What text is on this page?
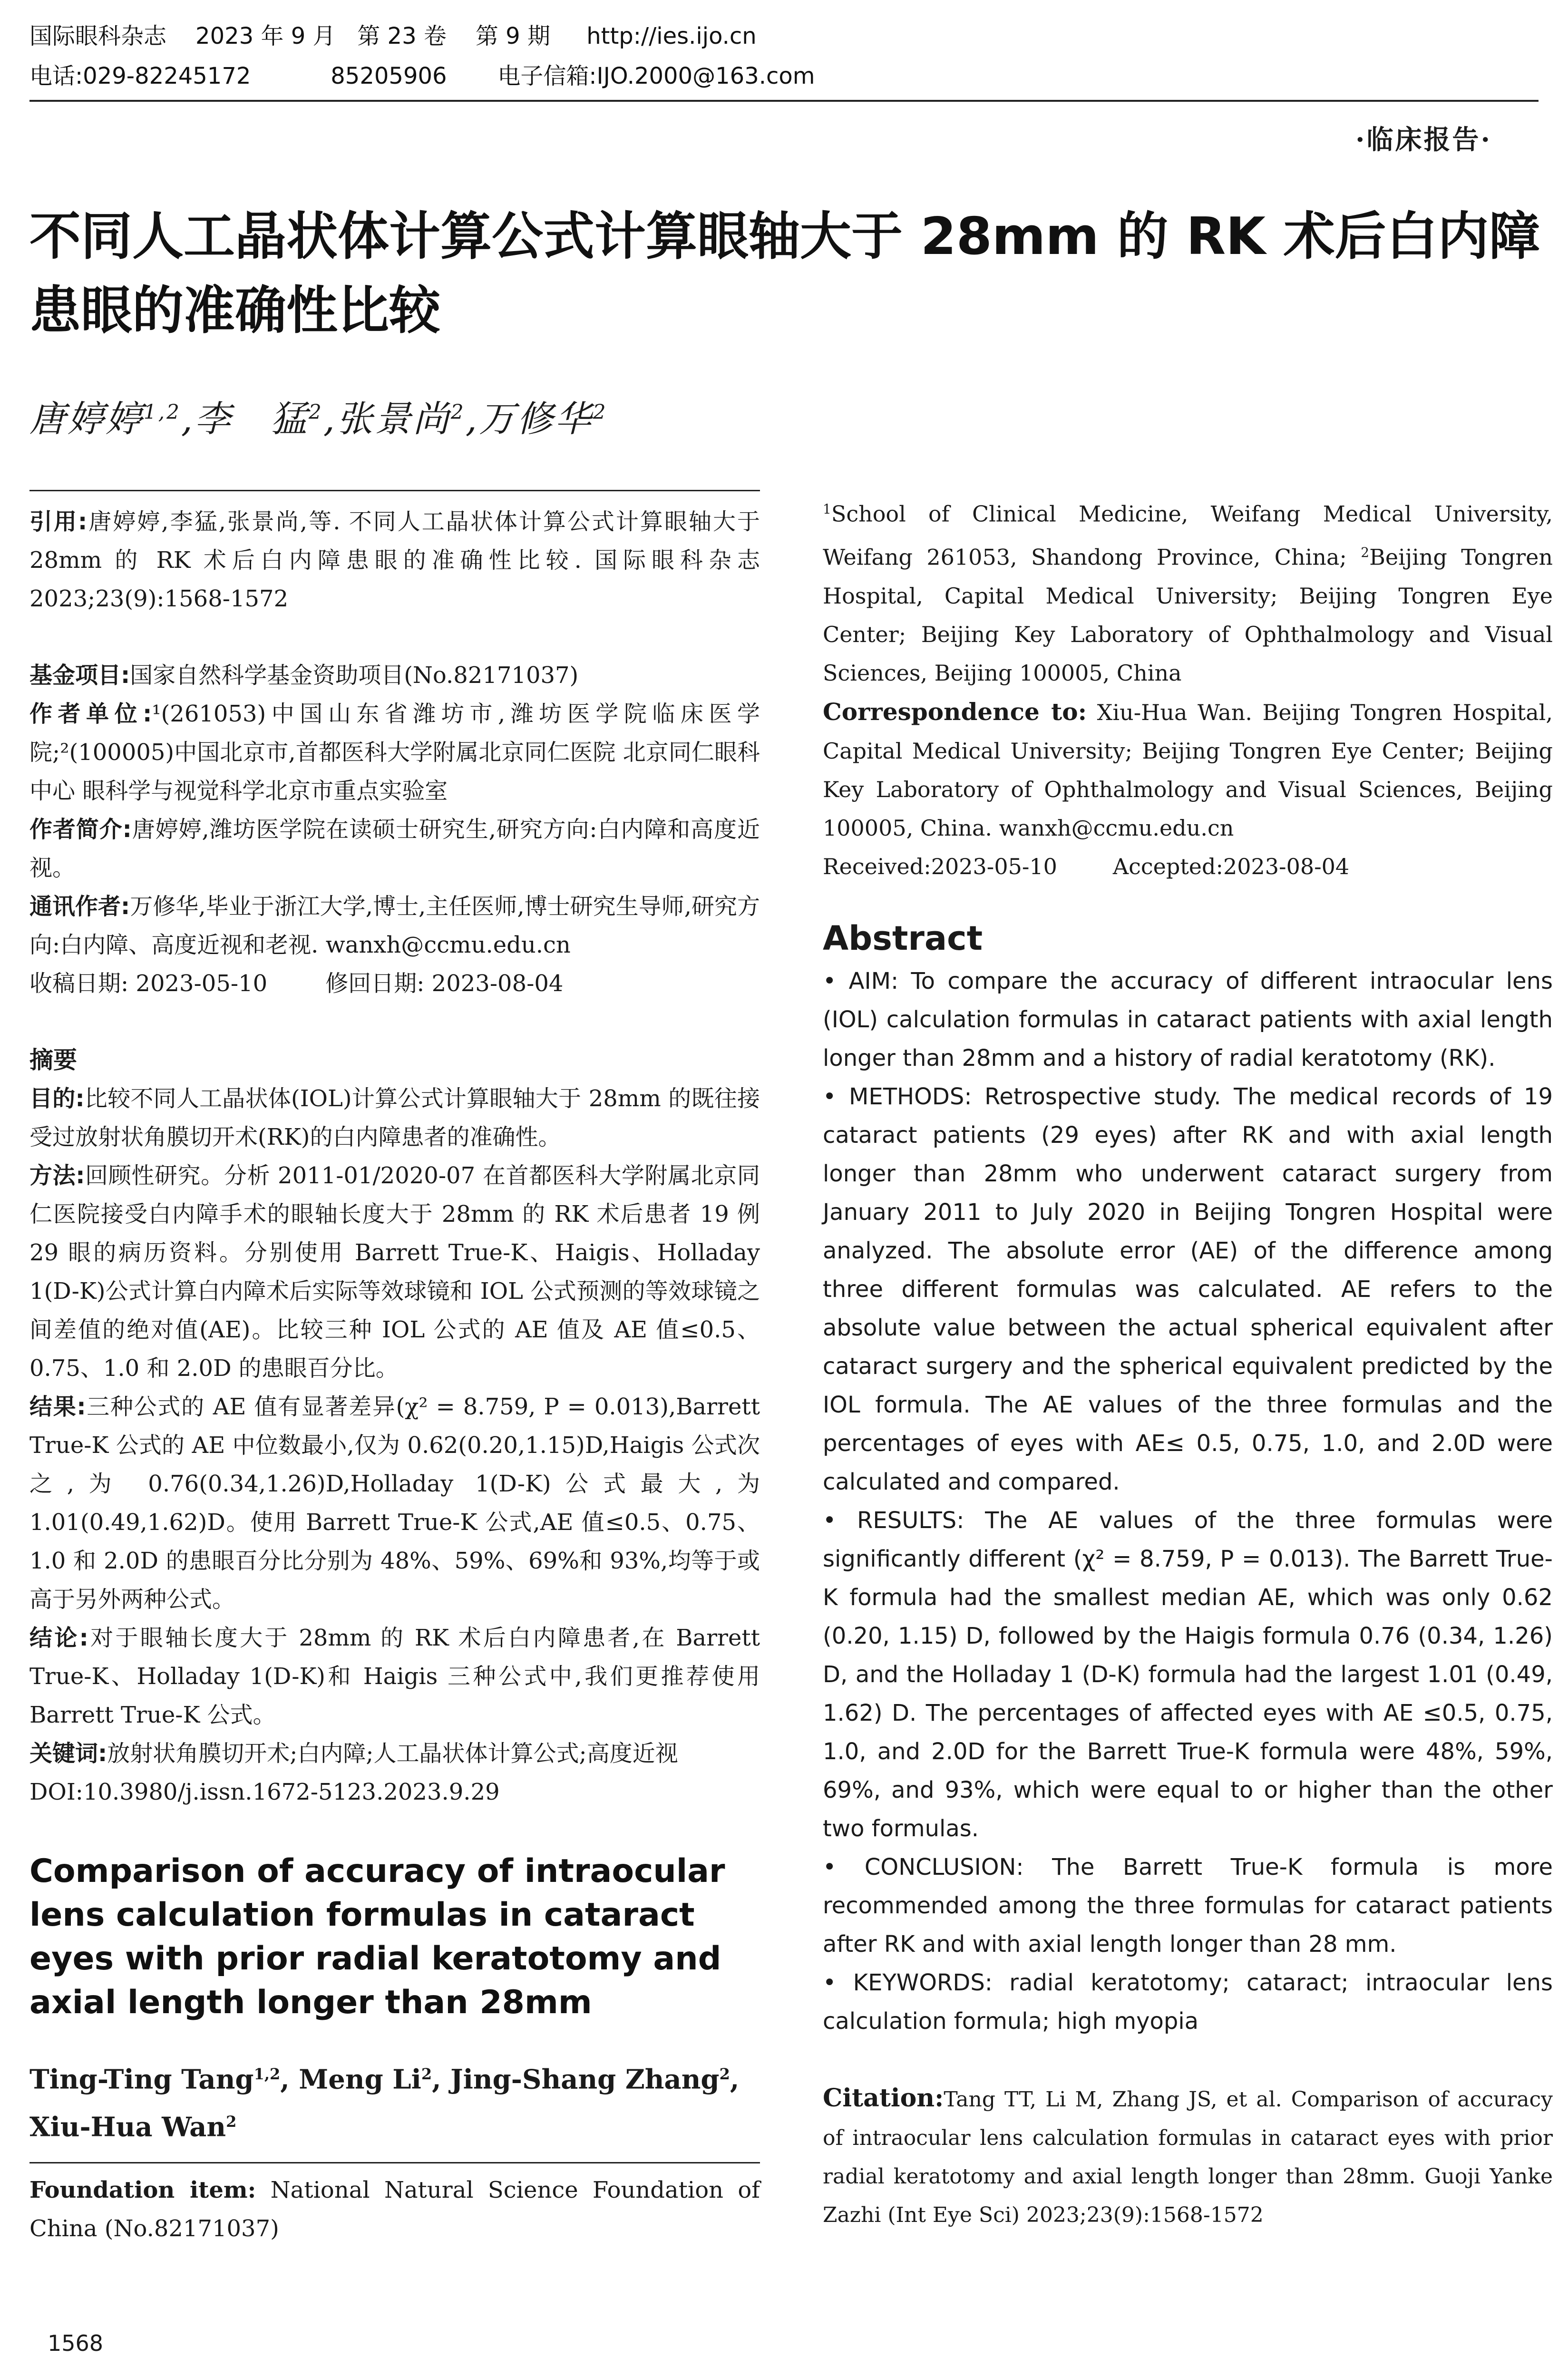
国际眼科杂志    2023 年 9 月   第 23 卷    第 9 期     http://ies.ijo.cn
电话:029-82245172           85205906       电子信箱:IJO.2000@163.com
·临床报告·
不同人工晶状体计算公式计算眼轴大于 28mm 的 RK 术后白内障患眼的准确性比较
唐婷婷$^{1,2}$,李　猛$^2$,张景尚$^2$,万修华$^2$

引用:唐婷婷,李猛,张景尚,等. 不同人工晶状体计算公式计算眼轴大于 28mm 的 RK 术后白内障患眼的准确性比较. 国际眼科杂志 2023;23(9):1568-1572

基金项目:国家自然科学基金资助项目(No.82171037)

作者单位:¹(261053)中国山东省潍坊市,潍坊医学院临床医学院;²(100005)中国北京市,首都医科大学附属北京同仁医院 北京同仁眼科中心 眼科学与视觉科学北京市重点实验室

作者简介:唐婷婷,潍坊医学院在读硕士研究生,研究方向:白内障和高度近视。

通讯作者:万修华,毕业于浙江大学,博士,主任医师,博士研究生导师,研究方向:白内障、高度近视和老视. wanxh@ccmu.edu.cn

收稿日期: 2023-05-10        修回日期: 2023-08-04

摘要

目的:比较不同人工晶状体(IOL)计算公式计算眼轴大于 28mm 的既往接受过放射状角膜切开术(RK)的白内障患者的准确性。

方法:回顾性研究。分析 2011-01/2020-07 在首都医科大学附属北京同仁医院接受白内障手术的眼轴长度大于 28mm 的 RK 术后患者 19 例 29 眼的病历资料。分别使用 Barrett True-K、Haigis、Holladay 1(D-K)公式计算白内障术后实际等效球镜和 IOL 公式预测的等效球镜之间差值的绝对值(AE)。比较三种 IOL 公式的 AE 值及 AE 值≤0.5、0.75、1.0 和 2.0D 的患眼百分比。

结果:三种公式的 AE 值有显著差异(χ² = 8.759, P = 0.013),Barrett True-K 公式的 AE 中位数最小,仅为 0.62(0.20,1.15)D,Haigis 公式次之,为 0.76(0.34,1.26)D,Holladay 1(D-K)公式最大,为 1.01(0.49,1.62)D。使用 Barrett True-K 公式,AE 值≤0.5、0.75、1.0 和 2.0D 的患眼百分比分别为 48%、59%、69%和 93%,均等于或高于另外两种公式。

结论:对于眼轴长度大于 28mm 的 RK 术后白内障患者,在 Barrett True-K、Holladay 1(D-K)和 Haigis 三种公式中,我们更推荐使用 Barrett True-K 公式。

关键词:放射状角膜切开术;白内障;人工晶状体计算公式;高度近视

DOI:10.3980/j.issn.1672-5123.2023.9.29

Comparison of accuracy of intraocular lens calculation formulas in cataract eyes with prior radial keratotomy and axial length longer than 28mm

Ting-Ting Tang$^{1,2}$, Meng Li$^2$, Jing-Shang Zhang$^2$, Xiu-Hua Wan$^2$

Foundation item: National Natural Science Foundation of China (No.82171037)

$^1$School of Clinical Medicine, Weifang Medical University, Weifang 261053, Shandong Province, China; $^2$Beijing Tongren Hospital, Capital Medical University; Beijing Tongren Eye Center; Beijing Key Laboratory of Ophthalmology and Visual Sciences, Beijing 100005, China

Correspondence to: Xiu-Hua Wan. Beijing Tongren Hospital, Capital Medical University; Beijing Tongren Eye Center; Beijing Key Laboratory of Ophthalmology and Visual Sciences, Beijing 100005, China. wanxh@ccmu.edu.cn

Received:2023-05-10        Accepted:2023-08-04

Abstract

• AIM: To compare the accuracy of different intraocular lens (IOL) calculation formulas in cataract patients with axial length longer than 28mm and a history of radial keratotomy (RK).

• METHODS: Retrospective study. The medical records of 19 cataract patients (29 eyes) after RK and with axial length longer than 28mm who underwent cataract surgery from January 2011 to July 2020 in Beijing Tongren Hospital were analyzed. The absolute error (AE) of the difference among three different formulas was calculated. AE refers to the absolute value between the actual spherical equivalent after cataract surgery and the spherical equivalent predicted by the IOL formula. The AE values of the three formulas and the percentages of eyes with AE≤ 0.5, 0.75, 1.0, and 2.0D were calculated and compared.

• RESULTS: The AE values of the three formulas were significantly different (χ² = 8.759, P = 0.013). The Barrett True-K formula had the smallest median AE, which was only 0.62 (0.20, 1.15) D, followed by the Haigis formula 0.76 (0.34, 1.26) D, and the Holladay 1 (D-K) formula had the largest 1.01 (0.49, 1.62) D. The percentages of affected eyes with AE ≤0.5, 0.75, 1.0, and 2.0D for the Barrett True-K formula were 48%, 59%, 69%, and 93%, which were equal to or higher than the other two formulas.

• CONCLUSION: The Barrett True-K formula is more recommended among the three formulas for cataract patients after RK and with axial length longer than 28 mm.

• KEYWORDS: radial keratotomy; cataract; intraocular lens calculation formula; high myopia

Citation:Tang TT, Li M, Zhang JS, et al. Comparison of accuracy of intraocular lens calculation formulas in cataract eyes with prior radial keratotomy and axial length longer than 28mm. Guoji Yanke Zazhi (Int Eye Sci) 2023;23(9):1568-1572

1568
